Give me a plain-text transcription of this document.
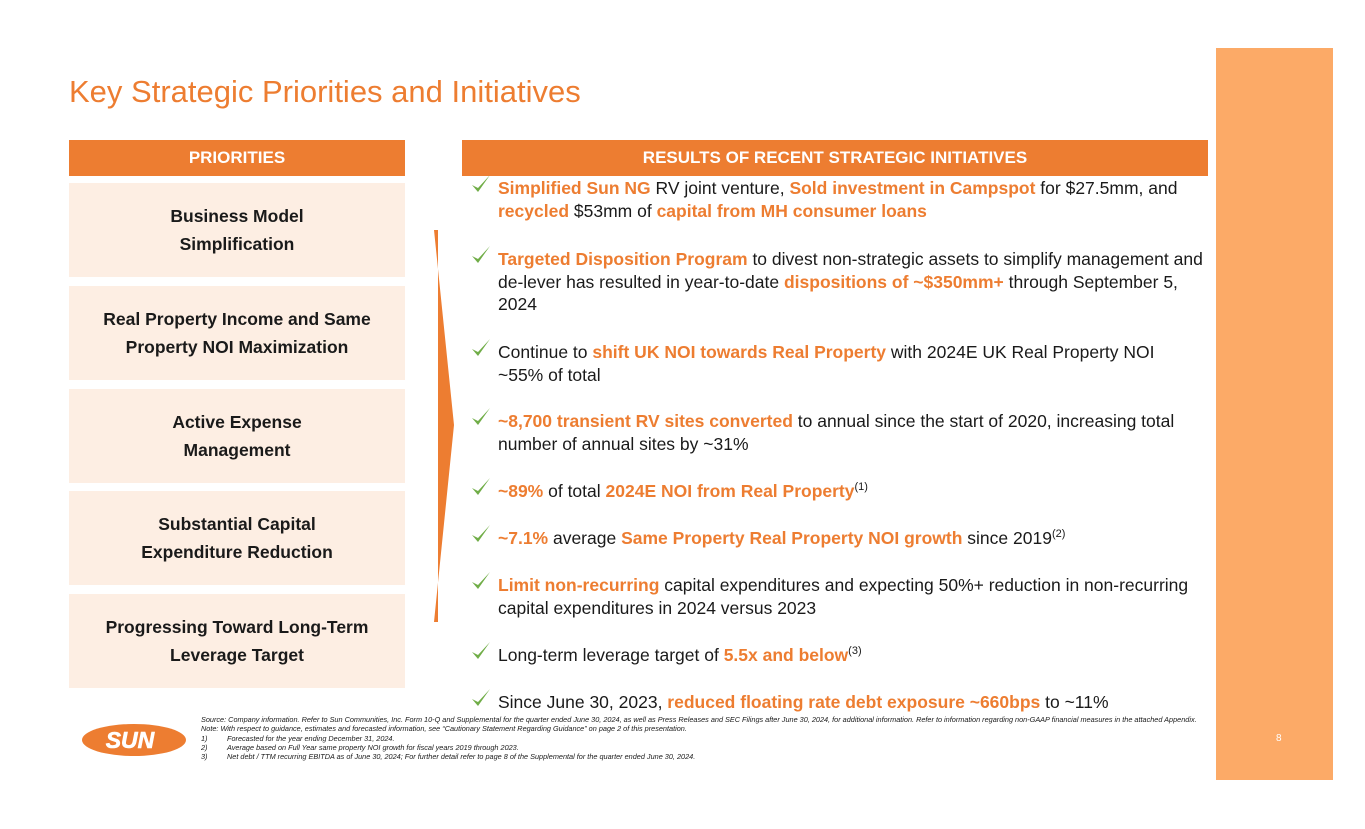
8
Key Strategic Priorities and Initiatives
PRIORITIES
Business Model
Simplification
Real Property Income and Same
Property NOI Maximization
Active Expense
Management
Substantial Capital
Expenditure Reduction
Progressing Toward Long-Term
Leverage Target
RESULTS OF RECENT STRATEGIC INITIATIVES
Simplified Sun NG RV joint venture, Sold investment in Campspot for $27.5mm, and recycled $53mm of capital from MH consumer loans
Targeted Disposition Program to divest non-strategic assets to simplify management and de-lever has resulted in year-to-date dispositions of ~$350mm+ through September 5, 2024
Continue to shift UK NOI towards Real Property with 2024E UK Real Property NOI ~55% of total
~8,700 transient RV sites converted to annual since the start of 2020, increasing total number of annual sites by ~31%
~89% of total 2024E NOI from Real Property$^{(1)}$
~7.1% average Same Property Real Property NOI growth since 2019$^{(2)}$
Limit non-recurring capital expenditures and expecting 50%+ reduction in non-recurring capital expenditures in 2024 versus 2023
Long-term leverage target of 5.5x and below$^{(3)}$
Since June 30, 2023, reduced floating rate debt exposure ~660bps to ~11%
SUN
Source: Company information. Refer to Sun Communities, Inc. Form 10-Q and Supplemental for the quarter ended June 30, 2024, as well as Press Releases and SEC Filings after June 30, 2024, for additional information. Refer to information regarding non-GAAP financial measures in the attached Appendix.
Note: With respect to guidance, estimates and forecasted information, see “Cautionary Statement Regarding Guidance” on page 2 of this presentation.
1)	Forecasted for the year ending December 31, 2024.
2)	Average based on Full Year same property NOI growth for fiscal years 2019 through 2023.
3)	Net debt / TTM recurring EBITDA as of June 30, 2024; For further detail refer to page 8 of the Supplemental for the quarter ended June 30, 2024.
